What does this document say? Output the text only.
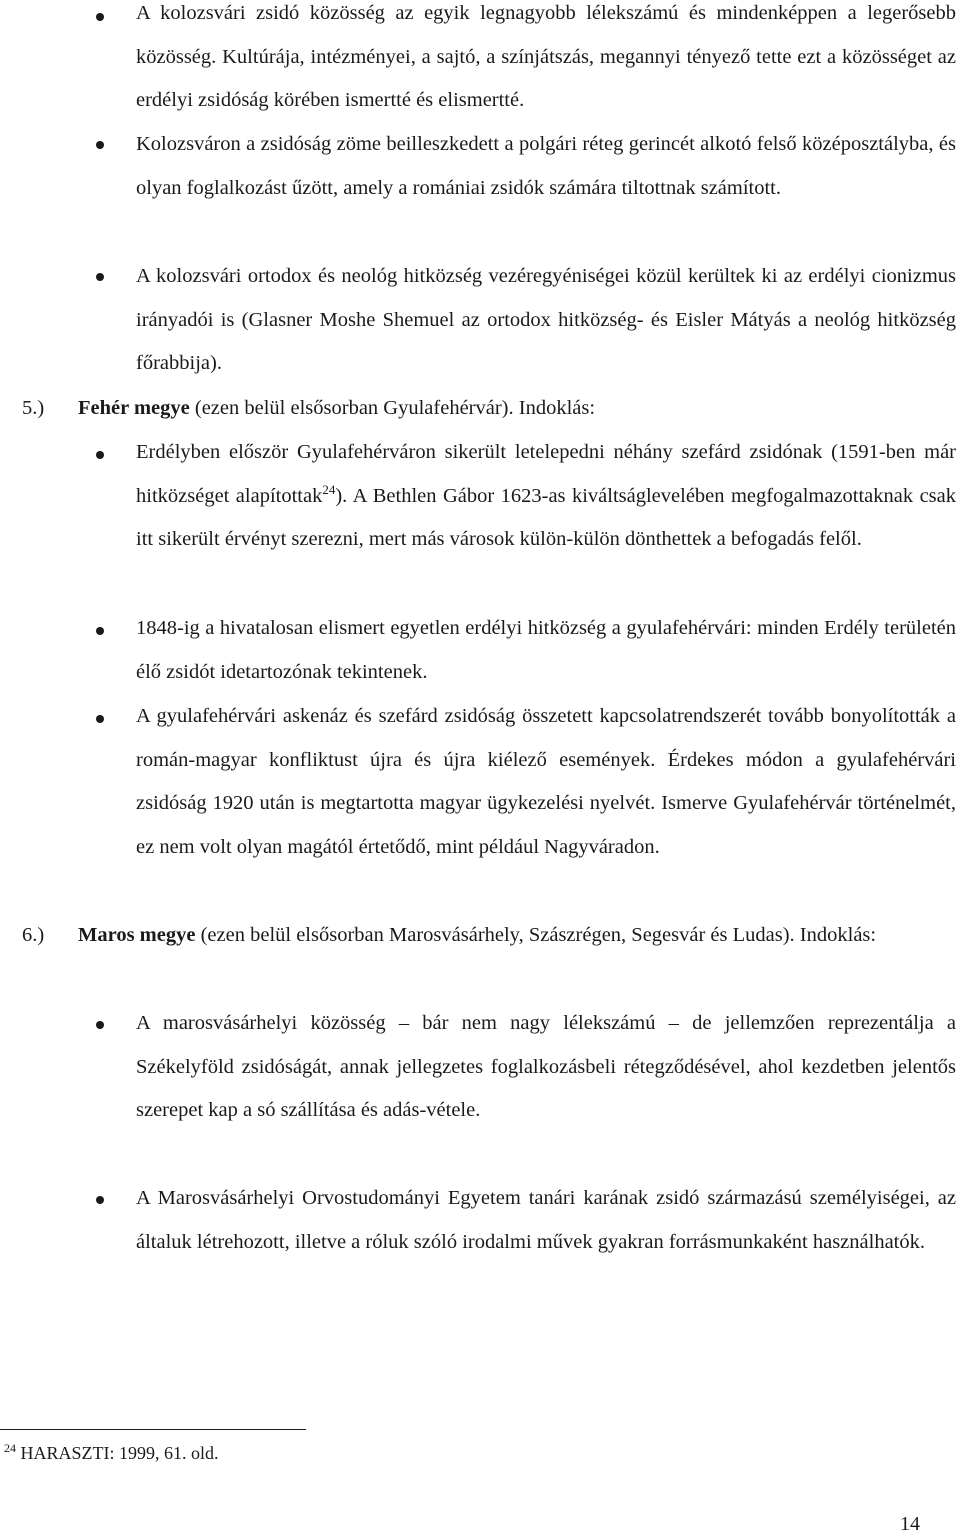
A kolozsvári zsidó közösség az egyik legnagyobb lélekszámú és mindenképpen a legerősebb közösség. Kultúrája, intézményei, a sajtó, a színjátszás, megannyi tényező tette ezt a közösséget az erdélyi zsidóság körében ismertté és elismertté.
Kolozsváron a zsidóság zöme beilleszkedett a polgári réteg gerincét alkotó felső középosztályba, és olyan foglalkozást űzött, amely a romániai zsidók számára tiltottnak számított.
A kolozsvári ortodox és neológ hitközség vezéregyéniségei közül kerültek ki az erdélyi cionizmus irányadói is (Glasner Moshe Shemuel az ortodox hitközség- és Eisler Mátyás a neológ hitközség főrabbija).
5.) Fehér megye (ezen belül elsősorban Gyulafehérvár). Indoklás:
Erdélyben először Gyulafehérváron sikerült letelepedni néhány szefárd zsidónak (1591-ben már hitközséget alapítottak$^{24}$). A Bethlen Gábor 1623-as kiváltságlevelében megfogalmazottaknak csak itt sikerült érvényt szerezni, mert más városok külön-külön dönthettek a befogadás felől.
1848-ig a hivatalosan elismert egyetlen erdélyi hitközség a gyulafehérvári: minden Erdély területén élő zsidót idetartozónak tekintenek.
A gyulafehérvári askenáz és szefárd zsidóság összetett kapcsolatrendszerét tovább bonyolították a román-magyar konfliktust újra és újra kiélező események. Érdekes módon a gyulafehérvári zsidóság 1920 után is megtartotta magyar ügykezelési nyelvét. Ismerve Gyulafehérvár történelmét, ez nem volt olyan magától értetődő, mint például Nagyváradon.
6.) Maros megye (ezen belül elsősorban Marosvásárhely, Szászrégen, Segesvár és Ludas). Indoklás:
A marosvásárhelyi közösség – bár nem nagy lélekszámú – de jellemzően reprezentálja a Székelyföld zsidóságát, annak jellegzetes foglalkozásbeli rétegződésével, ahol kezdetben jelentős szerepet kap a só szállítása és adás-vétele.
A Marosvásárhelyi Orvostudományi Egyetem tanári karának zsidó származású személyiségei, az általuk létrehozott, illetve a róluk szóló irodalmi művek gyakran forrásmunkaként használhatók.
$^{24}$ HARASZTI: 1999, 61. old.
14
